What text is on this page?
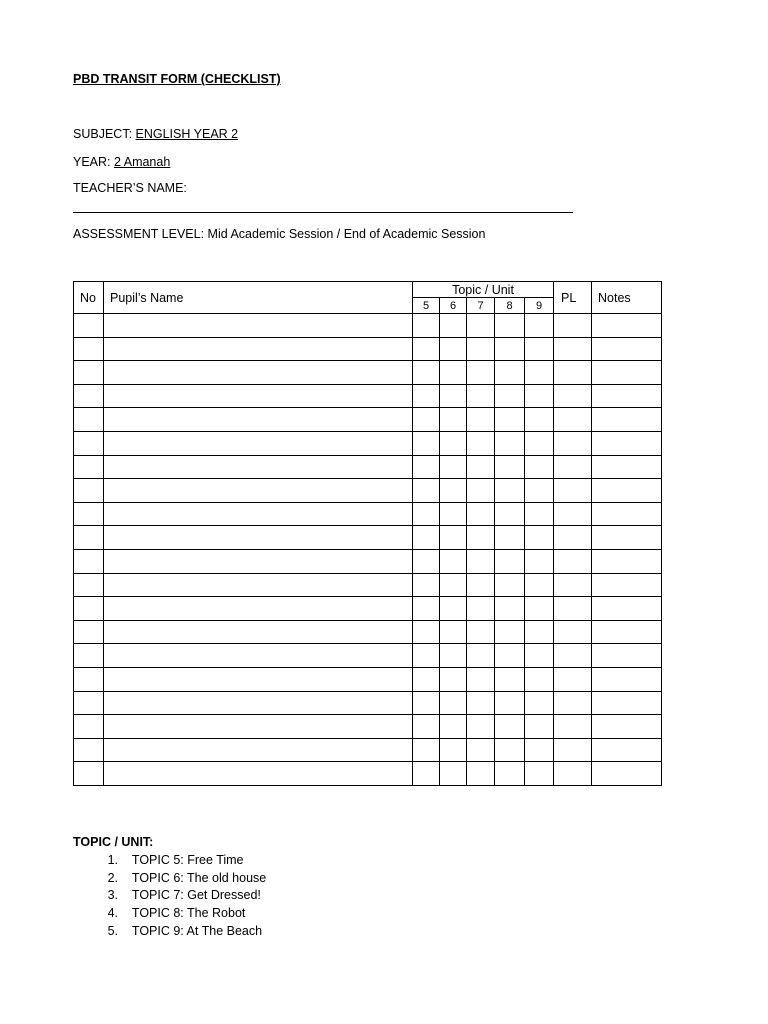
PBD TRANSIT FORM (CHECKLIST)
SUBJECT: ENGLISH YEAR 2
YEAR: 2 Amanah
TEACHER’S NAME:
ASSESSMENT LEVEL: Mid Academic Session / End of Academic Session
No	Pupil’s Name	Topic / Unit					PL	Notes
		5	6	7	8	9		

TOPIC / UNIT:
1. TOPIC 5: Free Time
2. TOPIC 6: The old house
3. TOPIC 7: Get Dressed!
4. TOPIC 8: The Robot
5. TOPIC 9: At The Beach
